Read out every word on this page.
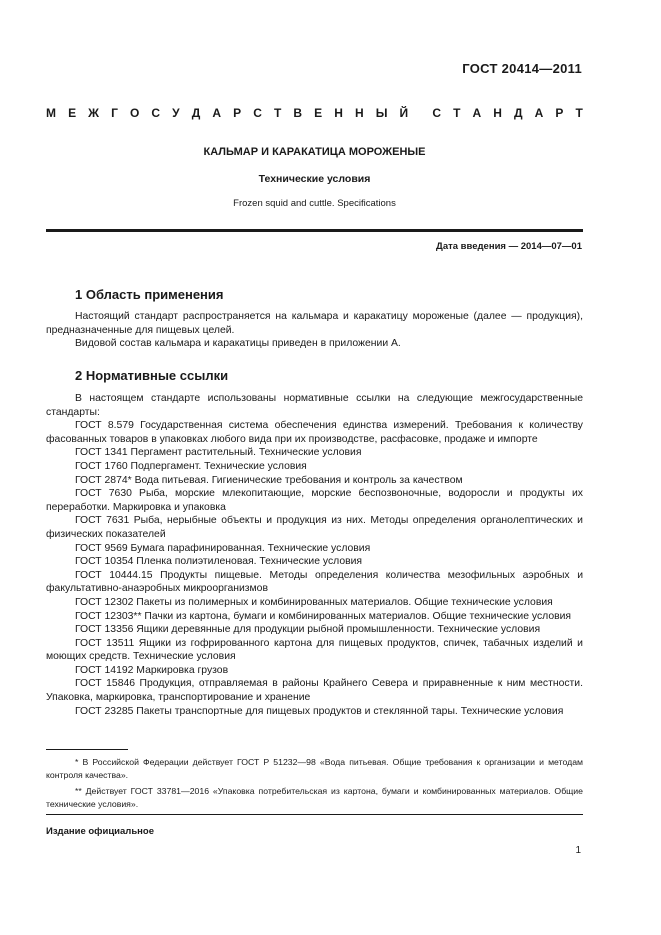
ГОСТ 20414—2011
М Е Ж Г О С У Д А Р С Т В Е Н Н Ы Й С Т А Н Д А Р Т
КАЛЬМАР И КАРАКАТИЦА МОРОЖЕНЫЕ
Технические условия
Frozen squid and cuttle. Specifications
Дата введения — 2014—07—01
1 Область применения

Настоящий стандарт распространяется на кальмара и каракатицу мороженые (далее — продукция), предназначенные для пищевых целей.

Видовой состав кальмара и каракатицы приведен в приложении А.

2 Нормативные ссылки

В настоящем стандарте использованы нормативные ссылки на следующие межгосударственные стандарты:

ГОСТ 8.579 Государственная система обеспечения единства измерений. Требования к количеству фасованных товаров в упаковках любого вида при их производстве, расфасовке, продаже и импорте

ГОСТ 1341 Пергамент растительный. Технические условия

ГОСТ 1760 Подпергамент. Технические условия

ГОСТ 2874* Вода питьевая. Гигиенические требования и контроль за качеством

ГОСТ 7630 Рыба, морские млекопитающие, морские беспозвоночные, водоросли и продукты их переработки. Маркировка и упаковка

ГОСТ 7631 Рыба, нерыбные объекты и продукция из них. Методы определения органолептических и физических показателей

ГОСТ 9569 Бумага парафинированная. Технические условия

ГОСТ 10354 Пленка полиэтиленовая. Технические условия

ГОСТ 10444.15 Продукты пищевые. Методы определения количества мезофильных аэробных и факультативно-анаэробных микроорганизмов

ГОСТ 12302 Пакеты из полимерных и комбинированных материалов. Общие технические условия

ГОСТ 12303** Пачки из картона, бумаги и комбинированных материалов. Общие технические условия

ГОСТ 13356 Ящики деревянные для продукции рыбной промышленности. Технические условия

ГОСТ 13511 Ящики из гофрированного картона для пищевых продуктов, спичек, табачных изделий и моющих средств. Технические условия

ГОСТ 14192 Маркировка грузов

ГОСТ 15846 Продукция, отправляемая в районы Крайнего Севера и приравненные к ним местности. Упаковка, маркировка, транспортирование и хранение

ГОСТ 23285 Пакеты транспортные для пищевых продуктов и стеклянной тары. Технические условия

* В Российской Федерации действует ГОСТ Р 51232—98 «Вода питьевая. Общие требования к организации и методам контроля качества».

** Действует ГОСТ 33781—2016 «Упаковка потребительская из картона, бумаги и комбинированных материалов. Общие технические условия».

Издание официальное
1
